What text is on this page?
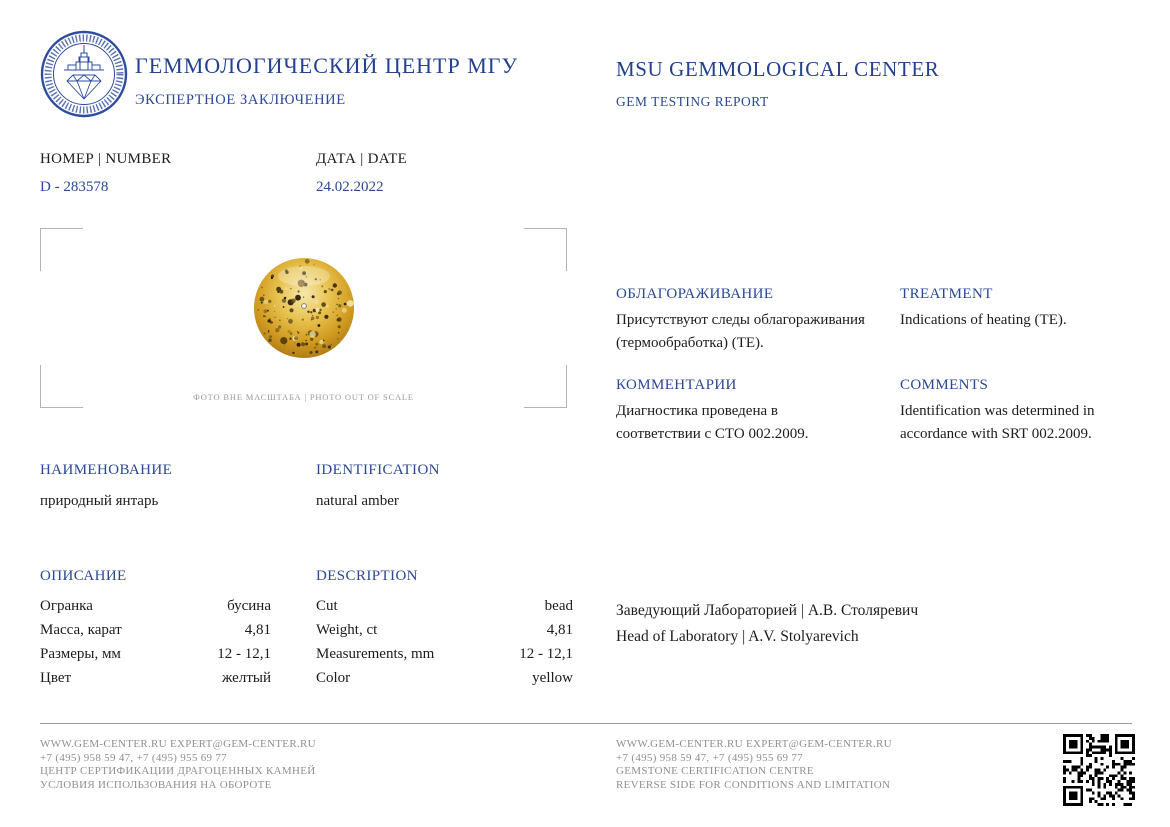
ГЕММОЛОГИЧЕСКИЙ ЦЕНТР МГУ
ЭКСПЕРТНОЕ ЗАКЛЮЧЕНИЕ
MSU GEMMOLOGICAL CENTER
GEM TESTING REPORT
НОМЕР | NUMBER
D - 283578
ДАТА | DATE
24.02.2022
ФОТО ВНЕ МАСШТАБА | PHOTO OUT OF SCALE
ОБЛАГОРАЖИВАНИЕ
Присутствуют следы облагораживания (термообработка) (ТЕ).
TREATMENT
Indications of heating (TE).
КОММЕНТАРИИ
Диагностика проведена в соответствии с СТО 002.2009.
COMMENTS
Identification was determined in accordance with SRT 002.2009.
НАИМЕНОВАНИЕ
природный янтарь
IDENTIFICATION
natural amber
ОПИСАНИЕ	DESCRIPTION
Огранка	бусина
Масса, карат	4,81
Размеры, мм	12 - 12,1
Цвет	желтый
Cut	bead
Weight, ct	4,81
Measurements, mm	12 - 12,1
Color	yellow
Заведующий Лабораторией | А.В. Столяревич
Head of Laboratory | A.V. Stolyarevich
WWW.GEM-CENTER.RU EXPERT@GEM-CENTER.RU
+7 (495) 958 59 47, +7 (495) 955 69 77
ЦЕНТР СЕРТИФИКАЦИИ ДРАГОЦЕННЫХ КАМНЕЙ
УСЛОВИЯ ИСПОЛЬЗОВАНИЯ НА ОБОРОТЕ
WWW.GEM-CENTER.RU EXPERT@GEM-CENTER.RU
+7 (495) 958 59 47, +7 (495) 955 69 77
GEMSTONE CERTIFICATION CENTRE
REVERSE SIDE FOR CONDITIONS AND LIMITATION
